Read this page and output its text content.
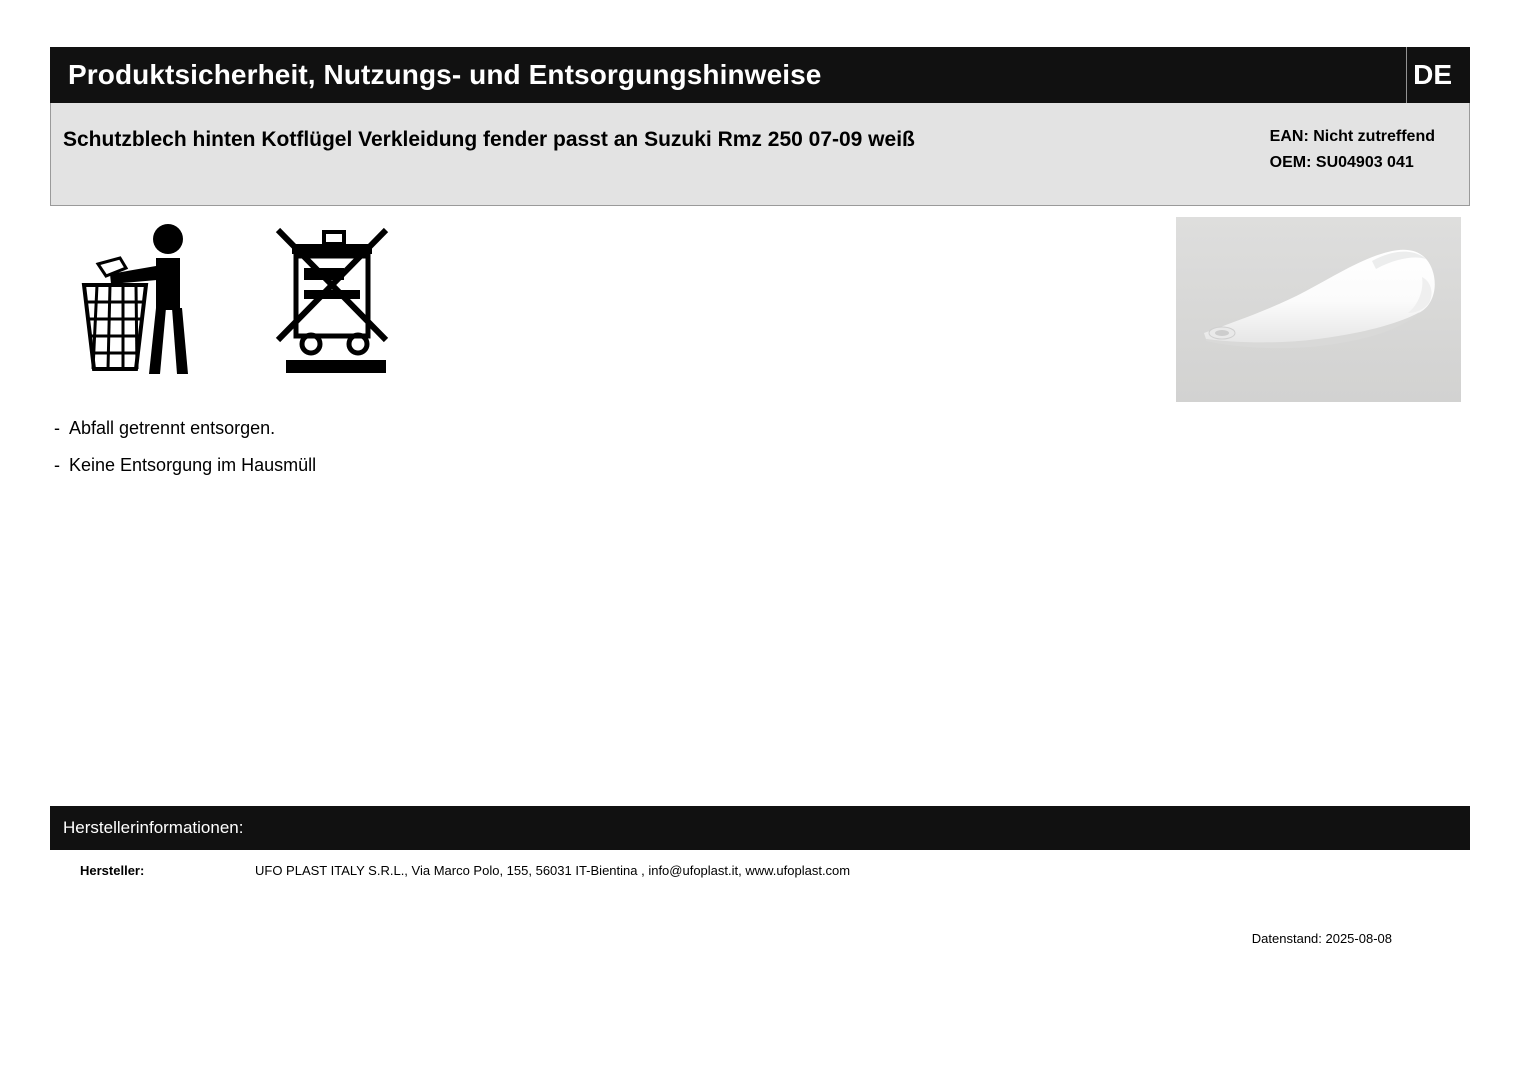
Produktsicherheit, Nutzungs- und Entsorgungshinweise	DE
Schutzblech hinten Kotflügel Verkleidung fender passt an Suzuki Rmz 250 07-09 weiß	EAN: Nicht zutreffend
OEM: SU04903 041
- Abfall getrennt entsorgen.
- Keine Entsorgung im Hausmüll
Herstellerinformationen:
Hersteller:	UFO PLAST ITALY S.R.L., Via Marco Polo, 155, 56031 IT-Bientina , info@ufoplast.it, www.ufoplast.com
Datenstand: 2025-08-08
